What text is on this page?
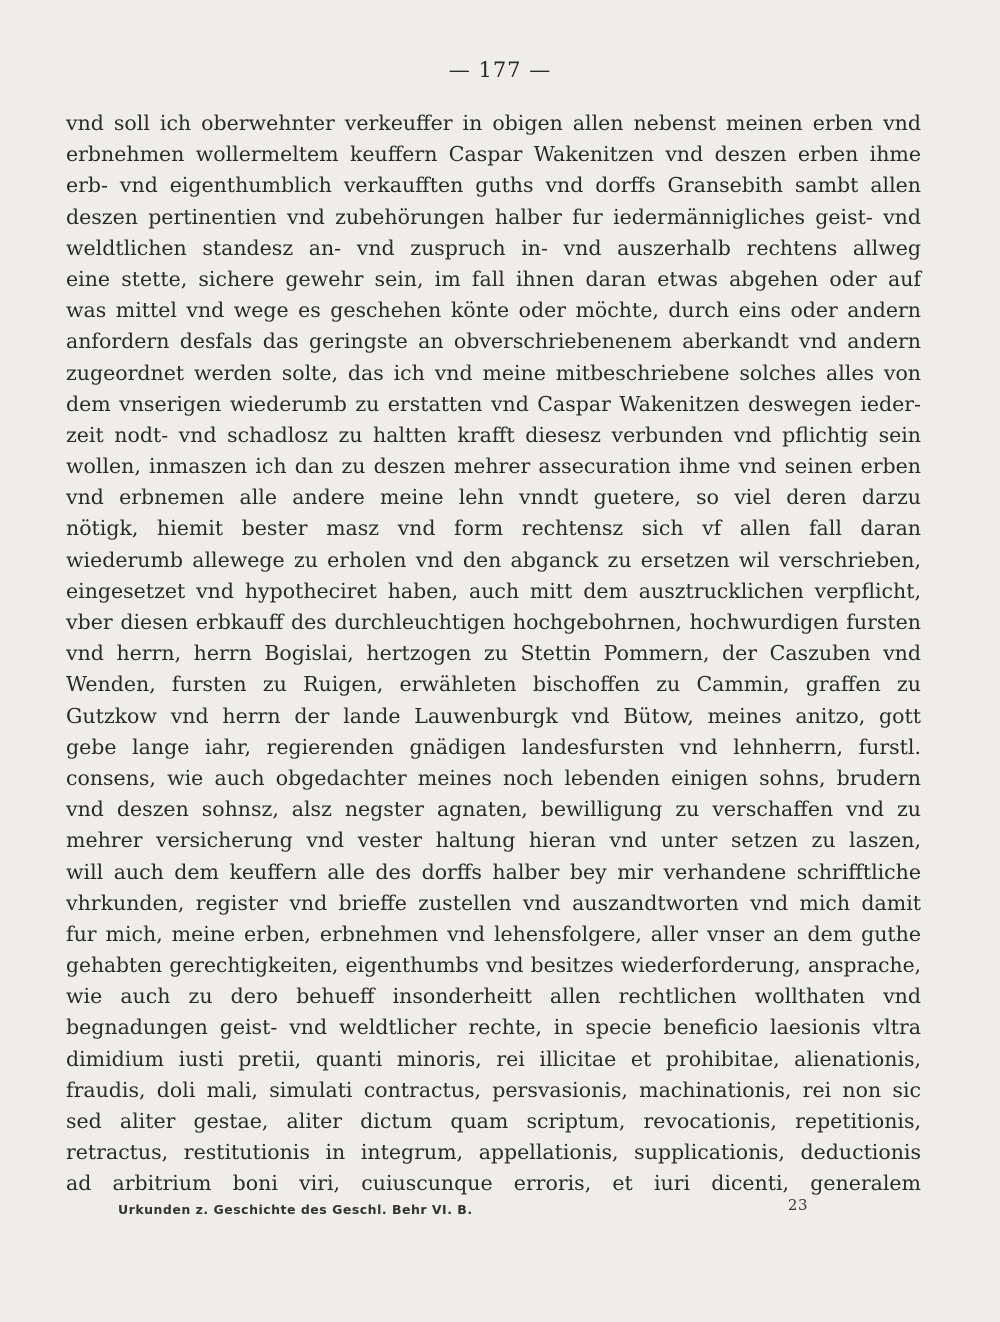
— 177 —
vnd soll ich oberwehnter verkeuffer in obigen allen nebenst meinen erben vnd
erbnehmen wollermeltem keuffern Caspar Wakenitzen vnd deszen erben ihme
erb- vnd eigenthumblich verkaufften guths vnd dorffs Gransebith sambt allen
deszen pertinentien vnd zubehörungen halber fur iedermännigliches geist- vnd
weldtlichen standesz an- vnd zuspruch in- vnd auszerhalb rechtens allweg
eine stette, sichere gewehr sein, im fall ihnen daran etwas abgehen oder auf
was mittel vnd wege es geschehen könte oder möchte, durch eins oder andern
anfordern desfals das geringste an obverschriebenenem aberkandt vnd andern
zugeordnet werden solte, das ich vnd meine mitbeschriebene solches alles von
dem vnserigen wiederumb zu erstatten vnd Caspar Wakenitzen deswegen ieder-
zeit nodt- vnd schadlosz zu haltten krafft diesesz verbunden vnd pflichtig sein
wollen, inmaszen ich dan zu deszen mehrer assecuration ihme vnd seinen erben
vnd erbnemen alle andere meine lehn vnndt guetere, so viel deren darzu
nötigk, hiemit bester masz vnd form rechtensz sich vf allen fall daran
wiederumb allewege zu erholen vnd den abganck zu ersetzen wil verschrieben,
eingesetzet vnd hypotheciret haben, auch mitt dem ausztrucklichen verpflicht,
vber diesen erbkauff des durchleuchtigen hochgebohrnen, hochwurdigen fursten
vnd herrn, herrn Bogislai, hertzogen zu Stettin Pommern, der Caszuben vnd
Wenden, fursten zu Ruigen, erwähleten bischoffen zu Cammin, graffen zu
Gutzkow vnd herrn der lande Lauwenburgk vnd Bütow, meines anitzo, gott
gebe lange iahr, regierenden gnädigen landesfursten vnd lehnherrn, furstl.
consens, wie auch obgedachter meines noch lebenden einigen sohns, brudern
vnd deszen sohnsz, alsz negster agnaten, bewilligung zu verschaffen vnd zu
mehrer versicherung vnd vester haltung hieran vnd unter setzen zu laszen,
will auch dem keuffern alle des dorffs halber bey mir verhandene schrifftliche
vhrkunden, register vnd brieffe zustellen vnd auszandtworten vnd mich damit
fur mich, meine erben, erbnehmen vnd lehensfolgere, aller vnser an dem guthe
gehabten gerechtigkeiten, eigenthumbs vnd besitzes wiederforderung, ansprache,
wie auch zu dero behueff insonderheitt allen rechtlichen wollthaten vnd
begnadungen geist- vnd weldtlicher rechte, in specie beneficio laesionis vltra
dimidium iusti pretii, quanti minoris, rei illicitae et prohibitae, alienationis,
fraudis, doli mali, simulati contractus, persvasionis, machinationis, rei non sic
sed aliter gestae, aliter dictum quam scriptum, revocationis, repetitionis,
retractus, restitutionis in integrum, appellationis, supplicationis, deductionis
ad arbitrium boni viri, cuiuscunque erroris, et iuri dicenti, generalem
Urkunden z. Geschichte des Geschl. Behr VI. B.	23
